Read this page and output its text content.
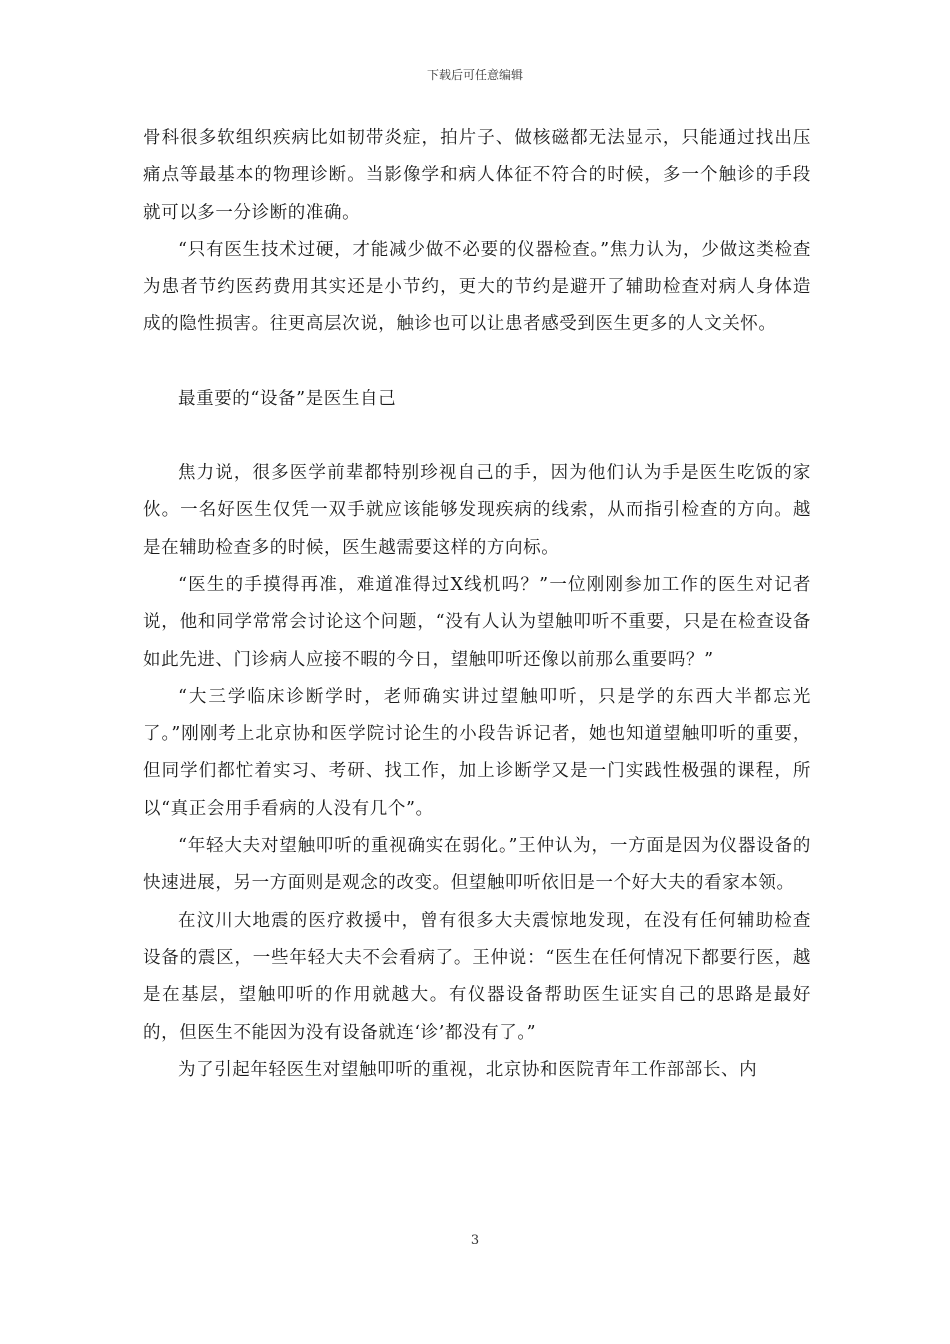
下载后可任意编辑

骨科很多软组织疾病比如韧带炎症，拍片子、做核磁都无法显示，只能通过找出压痛点等最基本的物理诊断。当影像学和病人体征不符合的时候，多一个触诊的手段就可以多一分诊断的准确。

“只有医生技术过硬，才能减少做不必要的仪器检查。”焦力认为，少做这类检查为患者节约医药费用其实还是小节约，更大的节约是避开了辅助检查对病人身体造成的隐性损害。往更高层次说，触诊也可以让患者感受到医生更多的人文关怀。

最重要的“设备”是医生自己

焦力说，很多医学前辈都特别珍视自己的手，因为他们认为手是医生吃饭的家伙。一名好医生仅凭一双手就应该能够发现疾病的线索，从而指引检查的方向。越是在辅助检查多的时候，医生越需要这样的方向标。

“医生的手摸得再准，难道准得过X线机吗？”一位刚刚参加工作的医生对记者说，他和同学常常会讨论这个问题，“没有人认为望触叩听不重要，只是在检查设备如此先进、门诊病人应接不暇的今日，望触叩听还像以前那么重要吗？”

“大三学临床诊断学时，老师确实讲过望触叩听，只是学的东西大半都忘光了。”刚刚考上北京协和医学院讨论生的小段告诉记者，她也知道望触叩听的重要，但同学们都忙着实习、考研、找工作，加上诊断学又是一门实践性极强的课程，所以“真正会用手看病的人没有几个”。

“年轻大夫对望触叩听的重视确实在弱化。”王仲认为，一方面是因为仪器设备的快速进展，另一方面则是观念的改变。但望触叩听依旧是一个好大夫的看家本领。

在汶川大地震的医疗救援中，曾有很多大夫震惊地发现，在没有任何辅助检查设备的震区，一些年轻大夫不会看病了。王仲说：“医生在任何情况下都要行医，越是在基层，望触叩听的作用就越大。有仪器设备帮助医生证实自己的思路是最好的，但医生不能因为没有设备就连‘诊’都没有了。”

为了引起年轻医生对望触叩听的重视，北京协和医院青年工作部部长、内

3
